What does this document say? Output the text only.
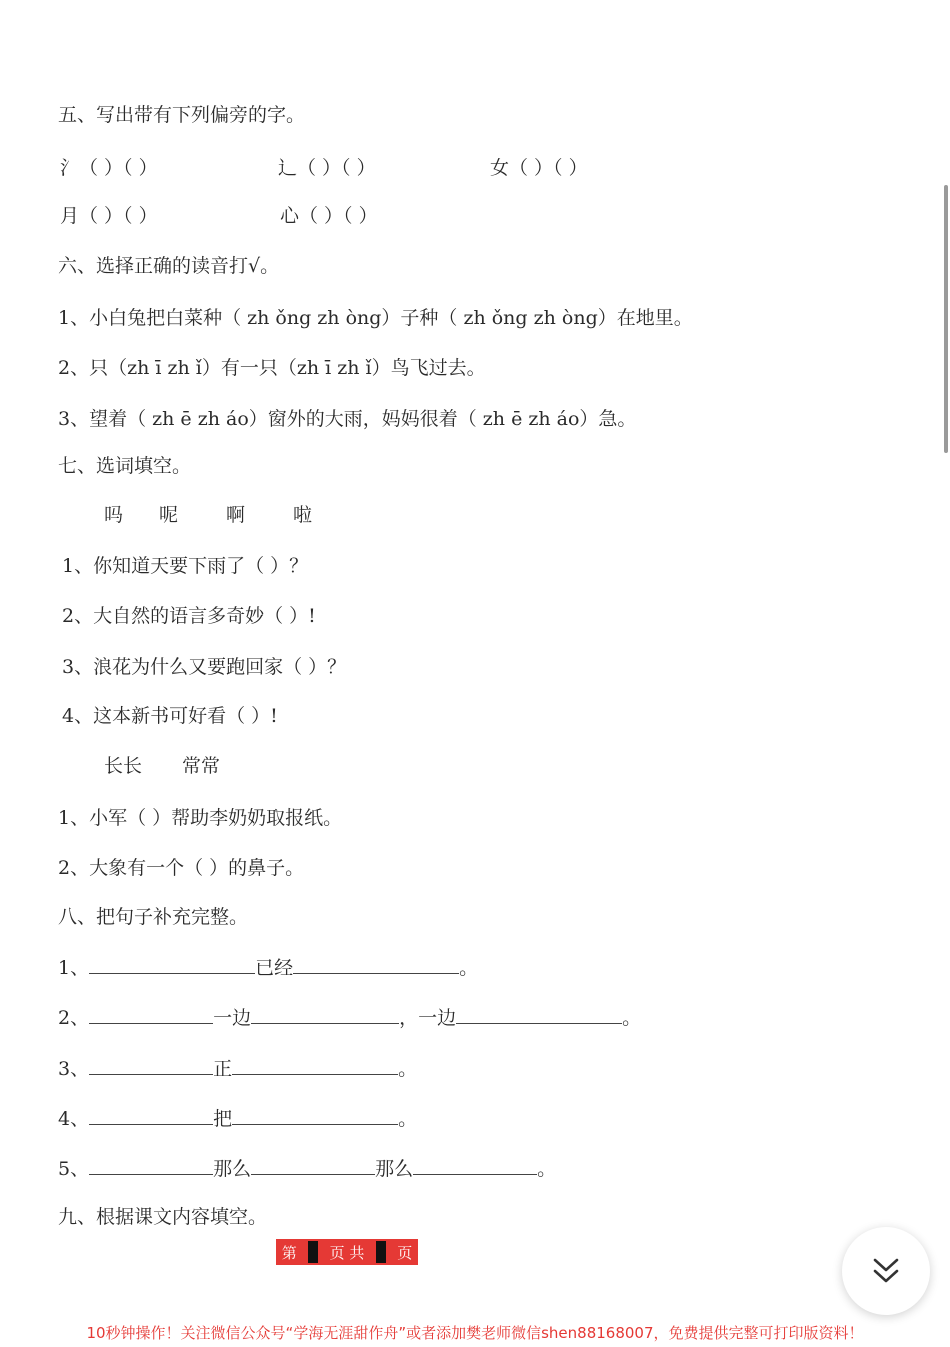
五、写出带有下列偏旁的字。
氵（ ）（ ）	辶（ ）（ ）	女（ ）（ ）
月（ ）（ ）	心（ ）（ ）
六、选择正确的读音打√。
1、小白兔把白菜种（ zh ǒng zh òng）子种（ zh ǒng zh òng）在地里。
2、只（zh ī zh ǐ）有一只（zh ī zh ǐ）鸟飞过去。
3、望着（ zh ē zh áo）窗外的大雨，妈妈很着（ zh ē zh áo）急。
七、选词填空。
吗 呢	啊	啦
1、你知道天要下雨了（ ）？
2、大自然的语言多奇妙（ ）!
3、浪花为什么又要跑回家（ ）？
4、这本新书可好看（ ）!
长长 常常
1、小军（ ）帮助李奶奶取报纸。
2、大象有一个（ ）的鼻子。
八、把句子补充完整。
1、	已经	。
2、	一边	，一边	。
3、	正	。
4、	把	。
5、	那么	那么	。
九、根据课文内容填空。
第 页 共 页
10秒钟操作！关注微信公众号“学海无涯甜作舟”或者添加樊老师微信shen88168007，免费提供完整可打印版资料！
